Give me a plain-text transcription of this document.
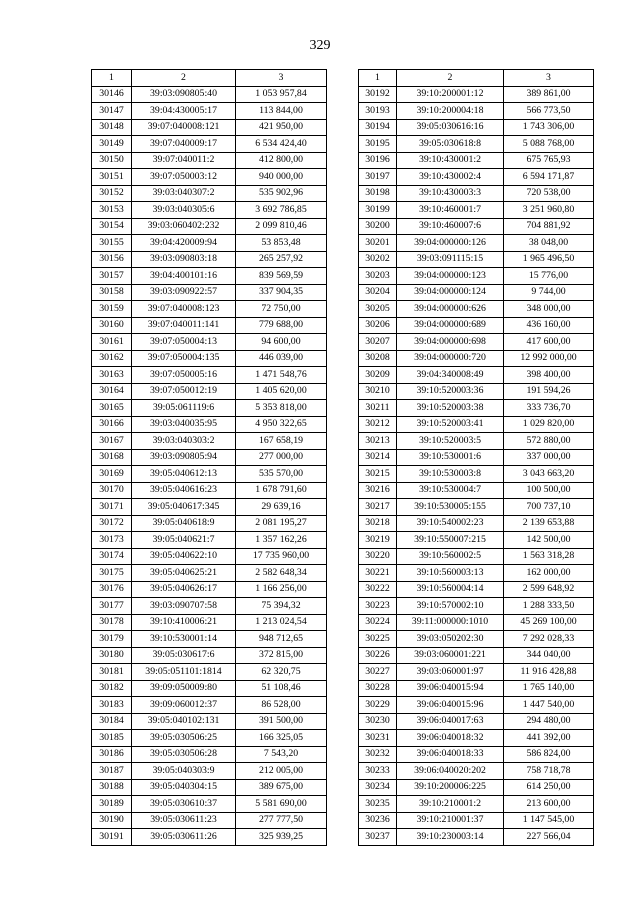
329
1	2	3
30146	39:03:090805:40	1 053 957,84
30147	39:04:430005:17	113 844,00
30148	39:07:040008:121	421 950,00
30149	39:07:040009:17	6 534 424,40
30150	39:07:040011:2	412 800,00
30151	39:07:050003:12	940 000,00
30152	39:03:040307:2	535 902,96
30153	39:03:040305:6	3 692 786,85
30154	39:03:060402:232	2 099 810,46
30155	39:04:420009:94	53 853,48
30156	39:03:090803:18	265 257,92
30157	39:04:400101:16	839 569,59
30158	39:03:090922:57	337 904,35
30159	39:07:040008:123	72 750,00
30160	39:07:040011:141	779 688,00
30161	39:07:050004:13	94 600,00
30162	39:07:050004:135	446 039,00
30163	39:07:050005:16	1 471 548,76
30164	39:07:050012:19	1 405 620,00
30165	39:05:061119:6	5 353 818,00
30166	39:03:040035:95	4 950 322,65
30167	39:03:040303:2	167 658,19
30168	39:03:090805:94	277 000,00
30169	39:05:040612:13	535 570,00
30170	39:05:040616:23	1 678 791,60
30171	39:05:040617:345	29 639,16
30172	39:05:040618:9	2 081 195,27
30173	39:05:040621:7	1 357 162,26
30174	39:05:040622:10	17 735 960,00
30175	39:05:040625:21	2 582 648,34
30176	39:05:040626:17	1 166 256,00
30177	39:03:090707:58	75 394,32
30178	39:10:410006:21	1 213 024,54
30179	39:10:530001:14	948 712,65
30180	39:05:030617:6	372 815,00
30181	39:05:051101:1814	62 320,75
30182	39:09:050009:80	51 108,46
30183	39:09:060012:37	86 528,00
30184	39:05:040102:131	391 500,00
30185	39:05:030506:25	166 325,05
30186	39:05:030506:28	7 543,20
30187	39:05:040303:9	212 005,00
30188	39:05:040304:15	389 675,00
30189	39:05:030610:37	5 581 690,00
30190	39:05:030611:23	277 777,50
30191	39:05:030611:26	325 939,25
1	2	3
30192	39:10:200001:12	389 861,00
30193	39:10:200004:18	566 773,50
30194	39:05:030616:16	1 743 306,00
30195	39:05:030618:8	5 088 768,00
30196	39:10:430001:2	675 765,93
30197	39:10:430002:4	6 594 171,87
30198	39:10:430003:3	720 538,00
30199	39:10:460001:7	3 251 960,80
30200	39:10:460007:6	704 881,92
30201	39:04:000000:126	38 048,00
30202	39:03:091115:15	1 965 496,50
30203	39:04:000000:123	15 776,00
30204	39:04:000000:124	9 744,00
30205	39:04:000000:626	348 000,00
30206	39:04:000000:689	436 160,00
30207	39:04:000000:698	417 600,00
30208	39:04:000000:720	12 992 000,00
30209	39:04:340008:49	398 400,00
30210	39:10:520003:36	191 594,26
30211	39:10:520003:38	333 736,70
30212	39:10:520003:41	1 029 820,00
30213	39:10:520003:5	572 880,00
30214	39:10:530001:6	337 000,00
30215	39:10:530003:8	3 043 663,20
30216	39:10:530004:7	100 500,00
30217	39:10:530005:155	700 737,10
30218	39:10:540002:23	2 139 653,88
30219	39:10:550007:215	142 500,00
30220	39:10:560002:5	1 563 318,28
30221	39:10:560003:13	162 000,00
30222	39:10:560004:14	2 599 648,92
30223	39:10:570002:10	1 288 333,50
30224	39:11:000000:1010	45 269 100,00
30225	39:03:050202:30	7 292 028,33
30226	39:03:060001:221	344 040,00
30227	39:03:060001:97	11 916 428,88
30228	39:06:040015:94	1 765 140,00
30229	39:06:040015:96	1 447 540,00
30230	39:06:040017:63	294 480,00
30231	39:06:040018:32	441 392,00
30232	39:06:040018:33	586 824,00
30233	39:06:040020:202	758 718,78
30234	39:10:200006:225	614 250,00
30235	39:10:210001:2	213 600,00
30236	39:10:210001:37	1 147 545,00
30237	39:10:230003:14	227 566,04
